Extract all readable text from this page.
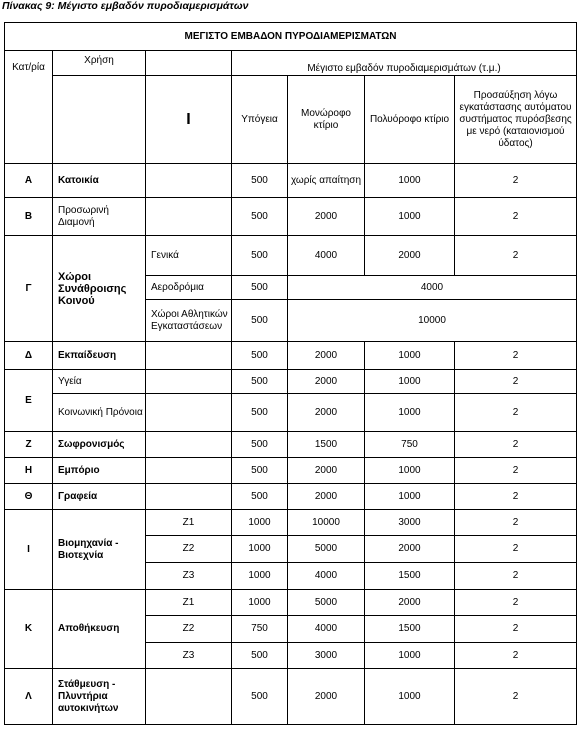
Πίνακας 9: Μέγιστο εμβαδόν πυροδιαμερισμάτων
ΜΕΓΙΣΤΟ ΕΜΒΑΔΟΝ ΠΥΡΟΔΙΑΜΕΡΙΣΜΑΤΩΝ						
Κατ/ρία	Χρήση		Μέγιστο εμβαδόν πυροδιαμερισμάτων (τ.μ.)			
		Ι	Υπόγεια	Μονώροφο κτίριο	Πολυόροφο κτίριο	Προσαύξηση λόγω εγκατάστασης αυτόματου συστήματος πυρόσβεσης με νερό (καταιονισμού ύδατος)
Α	Κατοικία		500	χωρίς απαίτηση	1000	2
Β	Προσωρινή Διαμονή		500	2000	1000	2
Γ	Χώροι Συνάθροισης Κοινού	Γενικά	500	4000	2000	2
		Αεροδρόμια	500	4000		
		Χώροι Αθλητικών Εγκαταστάσεων	500	10000		
Δ	Εκπαίδευση		500	2000	1000	2
Ε	Υγεία		500	2000	1000	2
	Κοινωνική Πρόνοια		500	2000	1000	2
Ζ	Σωφρονισμός		500	1500	750	2
Η	Εμπόριο		500	2000	1000	2
Θ	Γραφεία		500	2000	1000	2
Ι	Βιομηχανία - Βιοτεχνία	Ζ1	1000	10000	3000	2
		Ζ2	1000	5000	2000	2
		Ζ3	1000	4000	1500	2
Κ	Αποθήκευση	Ζ1	1000	5000	2000	2
		Ζ2	750	4000	1500	2
		Ζ3	500	3000	1000	2
Λ	Στάθμευση - Πλυντήρια αυτοκινήτων		500	2000	1000	2
